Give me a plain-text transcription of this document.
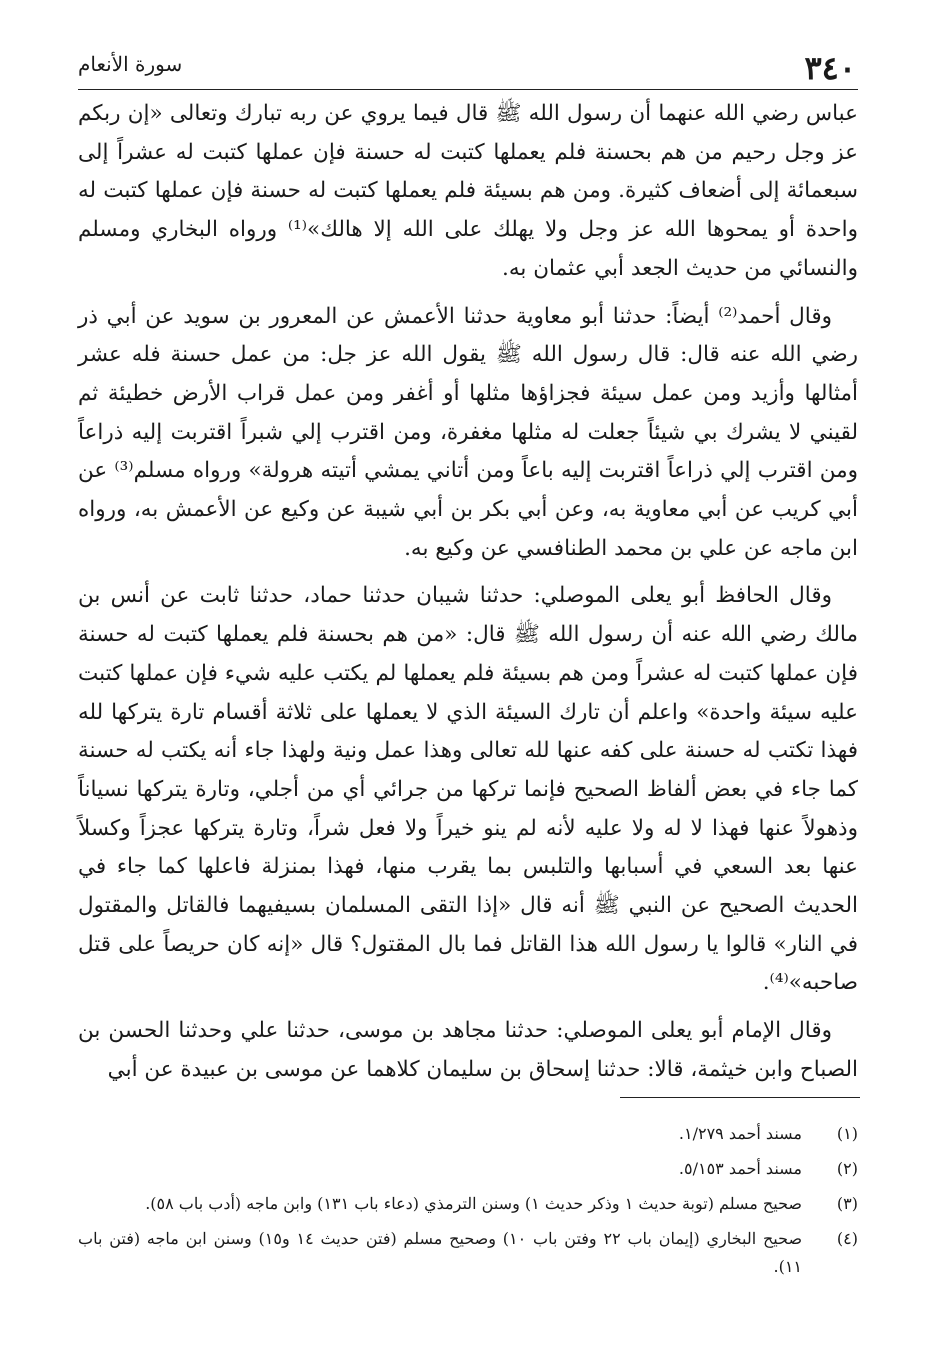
٣٤٠
سورة الأنعام

عباس رضي الله عنهما أن رسول الله ﷺ قال فيما يروي عن ربه تبارك وتعالى «إن ربكم عز وجل رحيم من هم بحسنة فلم يعملها كتبت له حسنة فإن عملها كتبت له عشراً إلى سبعمائة إلى أضعاف كثيرة. ومن هم بسيئة فلم يعملها كتبت له حسنة فإن عملها كتبت له واحدة أو يمحوها الله عز وجل ولا يهلك على الله إلا هالك»⁽¹⁾ ورواه البخاري ومسلم والنسائي من حديث الجعد أبي عثمان به.

وقال أحمد⁽²⁾ أيضاً: حدثنا أبو معاوية حدثنا الأعمش عن المعرور بن سويد عن أبي ذر رضي الله عنه قال: قال رسول الله ﷺ يقول الله عز جل: من عمل حسنة فله عشر أمثالها وأزيد ومن عمل سيئة فجزاؤها مثلها أو أغفر ومن عمل قراب الأرض خطيئة ثم لقيني لا يشرك بي شيئاً جعلت له مثلها مغفرة، ومن اقترب إلي شبراً اقتربت إليه ذراعاً ومن اقترب إلي ذراعاً اقتربت إليه باعاً ومن أتاني يمشي أتيته هرولة» ورواه مسلم⁽³⁾ عن أبي كريب عن أبي معاوية به، وعن أبي بكر بن أبي شيبة عن وكيع عن الأعمش به، ورواه ابن ماجه عن علي بن محمد الطنافسي عن وكيع به.

وقال الحافظ أبو يعلى الموصلي: حدثنا شيبان حدثنا حماد، حدثنا ثابت عن أنس بن مالك رضي الله عنه أن رسول الله ﷺ قال: «من هم بحسنة فلم يعملها كتبت له حسنة فإن عملها كتبت له عشراً ومن هم بسيئة فلم يعملها لم يكتب عليه شيء فإن عملها كتبت عليه سيئة واحدة» واعلم أن تارك السيئة الذي لا يعملها على ثلاثة أقسام تارة يتركها لله فهذا تكتب له حسنة على كفه عنها لله تعالى وهذا عمل ونية ولهذا جاء أنه يكتب له حسنة كما جاء في بعض ألفاظ الصحيح فإنما تركها من جرائي أي من أجلي، وتارة يتركها نسياناً وذهولاً عنها فهذا لا له ولا عليه لأنه لم ينو خيراً ولا فعل شراً، وتارة يتركها عجزاً وكسلاً عنها بعد السعي في أسبابها والتلبس بما يقرب منها، فهذا بمنزلة فاعلها كما جاء في الحديث الصحيح عن النبي ﷺ أنه قال «إذا التقى المسلمان بسيفيهما فالقاتل والمقتول في النار» قالوا يا رسول الله هذا القاتل فما بال المقتول؟ قال «إنه كان حريصاً على قتل صاحبه»⁽⁴⁾.

وقال الإمام أبو يعلى الموصلي: حدثنا مجاهد بن موسى، حدثنا علي وحدثنا الحسن بن الصباح وابن خيثمة، قالا: حدثنا إسحاق بن سليمان كلاهما عن موسى بن عبيدة عن أبي

(١)
مسند أحمد ١/٢٧٩.
(٢)
مسند أحمد ٥/١٥٣.
(٣)
صحيح مسلم (توبة حديث ١ وذكر حديث ١) وسنن الترمذي (دعاء باب ١٣١) وابن ماجه (أدب باب ٥٨).
(٤)
صحيح البخاري (إيمان باب ٢٢ وفتن باب ١٠) وصحيح مسلم (فتن حديث ١٤ و١٥) وسنن ابن ماجه (فتن باب ١١).
